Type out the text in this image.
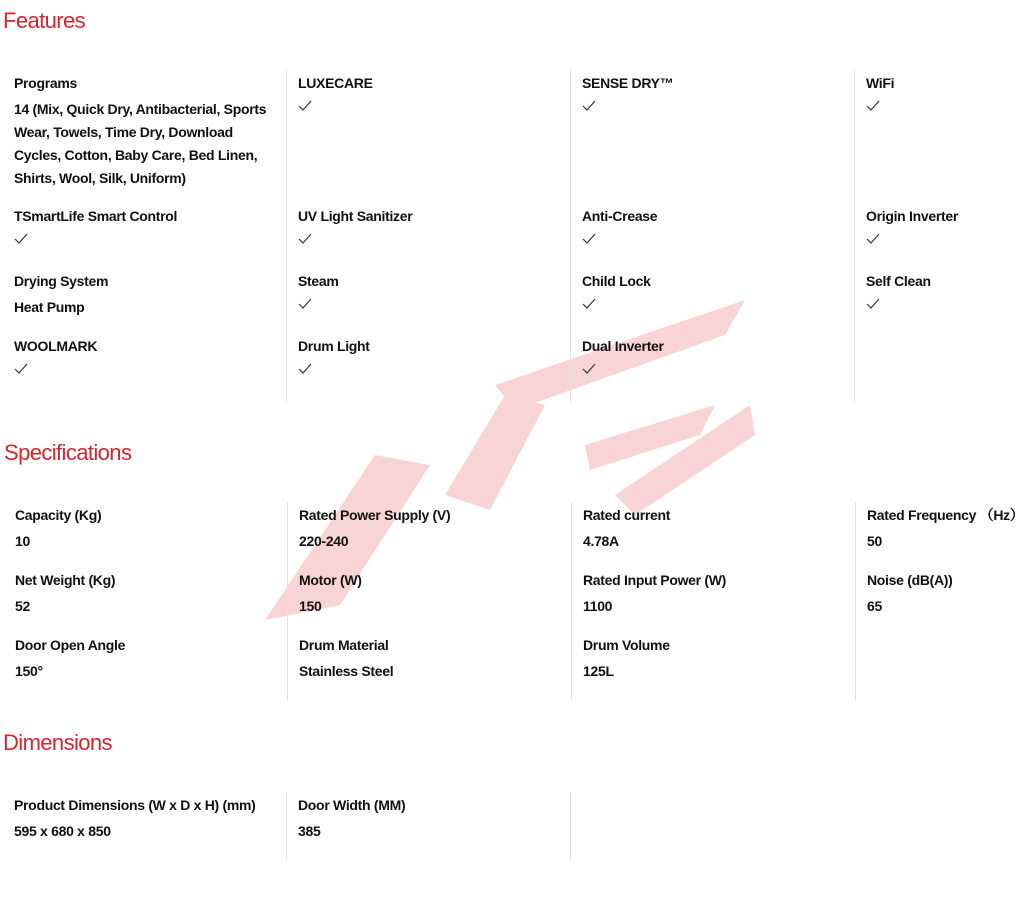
Features
Programs
14 (Mix, Quick Dry, Antibacterial, Sports Wear, Towels, Time Dry, Download Cycles, Cotton, Baby Care, Bed Linen, Shirts, Wool, Silk, Uniform)
TSmartLife Smart Control
Drying System
Heat Pump
WOOLMARK
LUXECARE
UV Light Sanitizer
Steam
Drum Light
SENSE DRY™
Anti-Crease
Child Lock
Dual Inverter
WiFi
Origin Inverter
Self Clean
Specifications
Capacity (Kg)
10
Net Weight (Kg)
52
Door Open Angle
150°
Rated Power Supply (V)
220-240
Motor (W)
150
Drum Material
Stainless Steel
Rated current
4.78A
Rated Input Power (W)
1100
Drum Volume
125L
Rated Frequency （Hz）
50
Noise (dB(A))
65
Dimensions
Product Dimensions (W x D x H) (mm)
595 x 680 x 850
Door Width (MM)
385
